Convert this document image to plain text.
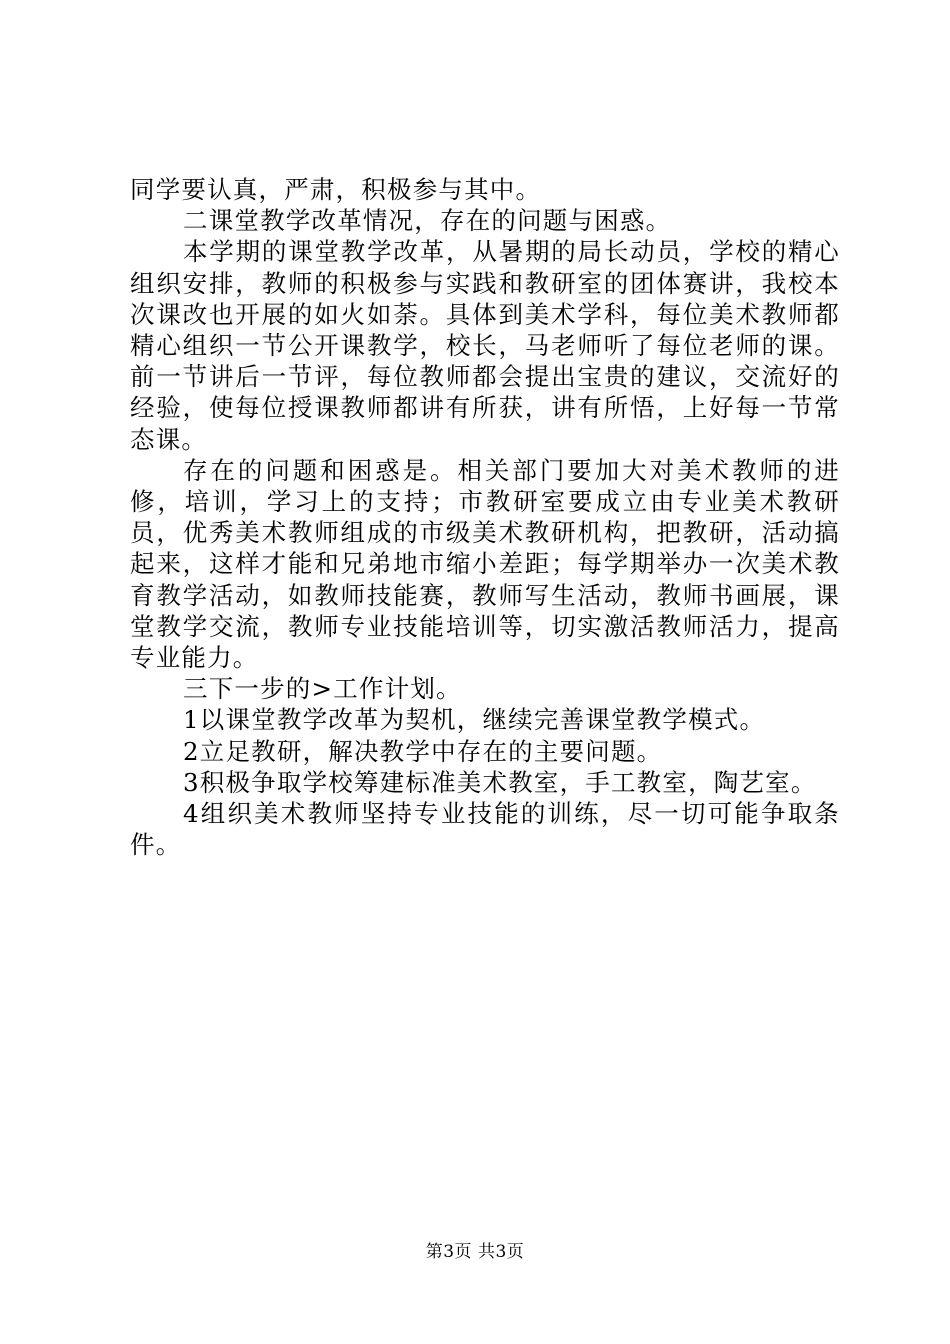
同学要认真，严肃，积极参与其中。

二课堂教学改革情况，存在的问题与困惑。

本学期的课堂教学改革，从暑期的局长动员，学校的精心组织安排，教师的积极参与实践和教研室的团体赛讲，我校本次课改也开展的如火如荼。具体到美术学科，每位美术教师都精心组织一节公开课教学，校长，马老师听了每位老师的课。前一节讲后一节评，每位教师都会提出宝贵的建议，交流好的经验，使每位授课教师都讲有所获，讲有所悟，上好每一节常态课。

存在的问题和困惑是。相关部门要加大对美术教师的进修，培训，学习上的支持；市教研室要成立由专业美术教研员，优秀美术教师组成的市级美术教研机构，把教研，活动搞起来，这样才能和兄弟地市缩小差距；每学期举办一次美术教育教学活动，如教师技能赛，教师写生活动，教师书画展，课堂教学交流，教师专业技能培训等，切实激活教师活力，提高专业能力。

三下一步的>工作计划。

1以课堂教学改革为契机，继续完善课堂教学模式。

2立足教研，解决教学中存在的主要问题。

3积极争取学校筹建标准美术教室，手工教室，陶艺室。

4组织美术教师坚持专业技能的训练，尽一切可能争取条件。

第3页 共3页
